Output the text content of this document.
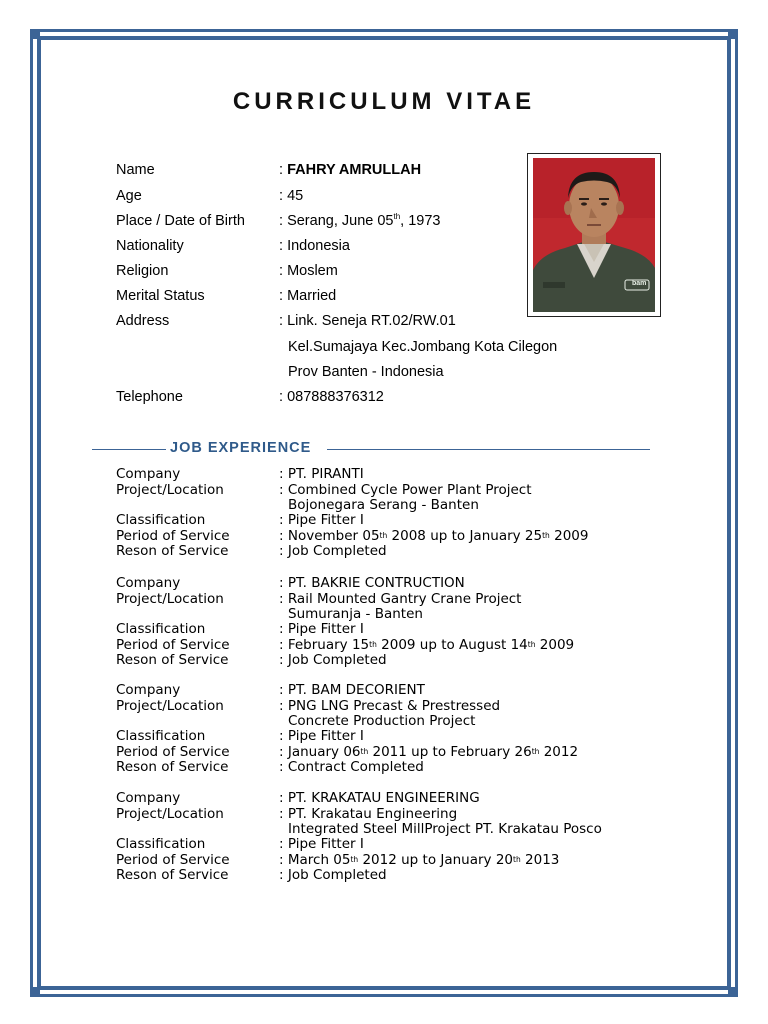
CURRICULUM VITAE
Name	: FAHRY AMRULLAH
Age	: 45
Place / Date of Birth : Serang, June 05th, 1973
Nationality	: Indonesia
Religion	: Moslem
Merital Status	: Married
Address	: Link. Seneja RT.02/RW.01
Kel.Sumajaya Kec.Jombang Kota Cilegon
Prov Banten - Indonesia
Telephone	: 087888376312
bam
JOB EXPERIENCE
Company	: PT. PIRANTI
Project/Location	: Combined Cycle Power Plant Project
Bojonegara Serang - Banten
Classification	: Pipe Fitter I
Period of Service	: November 05th 2008 up to January 25th 2009
Reson of Service	: Job Completed
Company	: PT. BAKRIE CONTRUCTION
Project/Location	: Rail Mounted Gantry Crane Project
Sumuranja - Banten
Classification	: Pipe Fitter I
Period of Service	: February 15th 2009 up to August 14th 2009
Reson of Service	: Job Completed
Company	: PT. BAM DECORIENT
Project/Location	: PNG LNG Precast & Prestressed
Concrete Production Project
Classification	: Pipe Fitter I
Period of Service	: January 06th 2011 up to February 26th 2012
Reson of Service	: Contract Completed
Company	: PT. KRAKATAU ENGINEERING
Project/Location	: PT. Krakatau Engineering
Integrated Steel MillProject PT. Krakatau Posco
Classification	: Pipe Fitter I
Period of Service	: March 05th 2012 up to January 20th 2013
Reson of Service	: Job Completed
